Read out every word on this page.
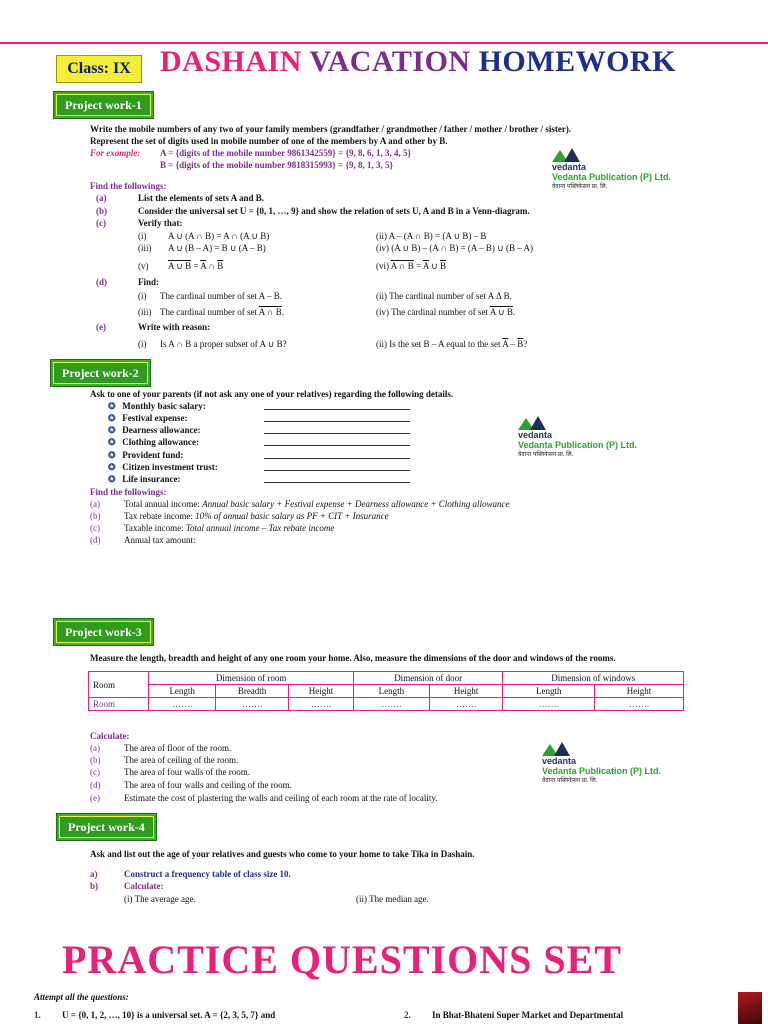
Class: IX DASHAIN VACATION HOMEWORK
Project work-1
Write the mobile numbers of any two of your family members (grandfather / grandmother / father / mother / brother / sister).
Represent the set of digits used in mobile number of one of the members by A and other by B.
For example: A = {digits of the mobile number 9861342559} = {9, 8, 6, 1, 3, 4, 5}
B = {digits of the mobile number 9818315993} = {9, 8, 1, 3, 5}	vedanta
Vedanta Publication (P) Ltd.
वेदान्त पब्लिकेसन प्रा. लि.
Find the followings:
(a)	List the elements of sets A and B.
(b)	Consider the universal set U = {0, 1, …, 9} and show the relation of sets U, A and B in a Venn-diagram.
(c)	Verify that:
(i) A ∪ (A ∩ B) = A ∩ (A ∪ B)	(ii) A – (A ∩ B) = (A ∪ B) – B
(iii) A ∪ (B – A) = B ∪ (A – B)	(iv) (A ∪ B) – (A ∩ B) = (A – B) ∪ (B – A)
(v) A ∪ $B = \overline{A}$ ∩ $\overline{B}$	(vi) A ∩ $B = \overline{A}$ ∪ $\overline{B}$
(d)	Find:
(i) The cardinal number of set A – B.	(ii) The cardinal number of set A Δ B.
(iii) The cardinal number of set A ∩ B.	(iv) The cardinal number of set A ∪ B.
(e)	Write with reason:
(i) Is A ∩ B a proper subset of A ∪ B?	(ii) Is the set B – A equal to the set $\overline{A} - \overline{B}$?
Project work-2
Ask to one of your parents (if not ask any one of your relatives) regarding the following details.
✪ Monthly basic salary:
✪ Festival expense:
✪ Dearness allowance:
✪ Clothing allowance:
✪ Provident fund:
✪ Citizen investment trust:
✪ Life insurance:
vedanta
Vedanta Publication (P) Ltd.
वेदान्त पब्लिकेसन प्रा. लि.
Find the followings:
(a)	Total annual income: Annual basic salary + Festival expense + Dearness allowance + Clothing allowance
(b)	Tax rebate income: 10% of annual basic salary as PF + CIT + Insurance
(c)	Taxable income: Total annual income – Tax rebate income
(d)	Annual tax amount:
Project work-3
Measure the length, breadth and height of any one room your home. Also, measure the dimensions of the door and windows of the rooms.
Room	Dimension of room			Dimension of door		Dimension of windows	
	Length	Breadth	Height	Length	Height	Length	Height
Room	…….	…….	…….	…….	…….	…….	…….
vedanta
Vedanta Publication (P) Ltd.
वेदान्त पब्लिकेसन प्रा. लि.
Calculate:
(a)	The area of floor of the room.
(b)	The area of ceiling of the room.
(c)	The area of four walls of the room.
(d)	The area of four walls and ceiling of the room.
(e)	Estimate the cost of plastering the walls and ceiling of each room at the rate of locality.
Project work-4
Ask and list out the age of your relatives and guests who come to your home to take Tika in Dashain.
a)	Construct a frequency table of class size 10.
b)	Calculate:
(i) The average age.	(ii) The median age.
PRACTICE QUESTIONS SET
Attempt all the questions:
1. U = {0, 1, 2, …, 10} is a universal set. A = {2, 3, 5, 7} and	2. In Bhat-Bhateni Super Market and Departmental
